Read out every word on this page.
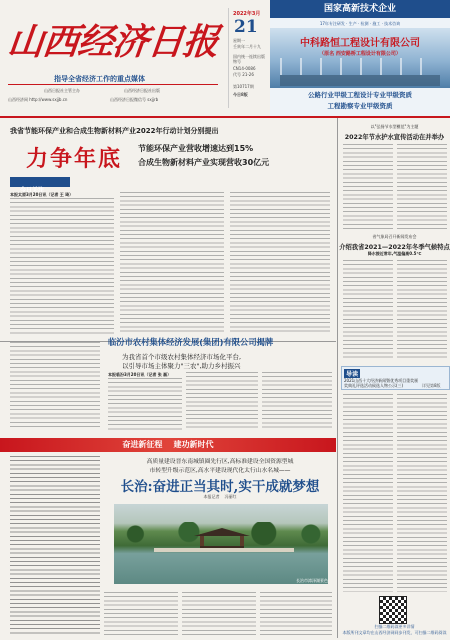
山西经济日报
指导全省经济工作的重点媒体
山西日报社主管主办	山西经济日报社出版
山西经济网 http://www.sxjjb.cn	山西经济日报微信号 sxjjrb
2022年3月
21
星期一
壬寅年二月十九
国内统一连续出版物号
CN14-0086
代号 21-26
第10717期
今日8版
国家高新技术企业
17年专注研发 · 生产 · 检测 · 施工 · 技术咨询
中科路恒工程设计有限公司
（原名 西安路桥工程设计有限公司）
公路行业甲级工程设计专业甲级资质
工程勘察专业甲级资质
我省节能环保产业和合成生物新材料产业2022年行动计划分别提出
力争年底 节能环保产业营收增速达到15%
合成生物新材料产业实现营收30亿元
今日关注
本报太原3月20日讯（记者 王 琦）
以"弘扬节水型模范"为主题
2022年节水护水宣传活动在并举办
省气象局召开新闻发布会
介绍我省2021—2022年冬季气候特点
降水接近常年,气温偏高0.5℃
导读
2021山西十大经济新闻暨优秀项目重奖颁奖典礼评选活动候选人物公示(三)	详见第8版
扫描二维码读更多详情
本版所刊文章均在山西经济网同步刊发，可扫描二维码阅读
临汾市农村集体经济发展(集团)有限公司揭牌
为我省首个市级农村集体经济市场化平台,
以引导市场主体聚力"三农",助力乡村振兴
本报临汾3月20日讯（记者 张 磊）
奋进新征程    建功新时代
高质量建设晋东南城镇圈先行区,高标准建设全国资源型城
市转型升级示范区,高水平建设现代化太行山水名城——
长治:奋进正当其时,实干成就梦想
本报记者    冯丽红
长治市漳泽湖景色
